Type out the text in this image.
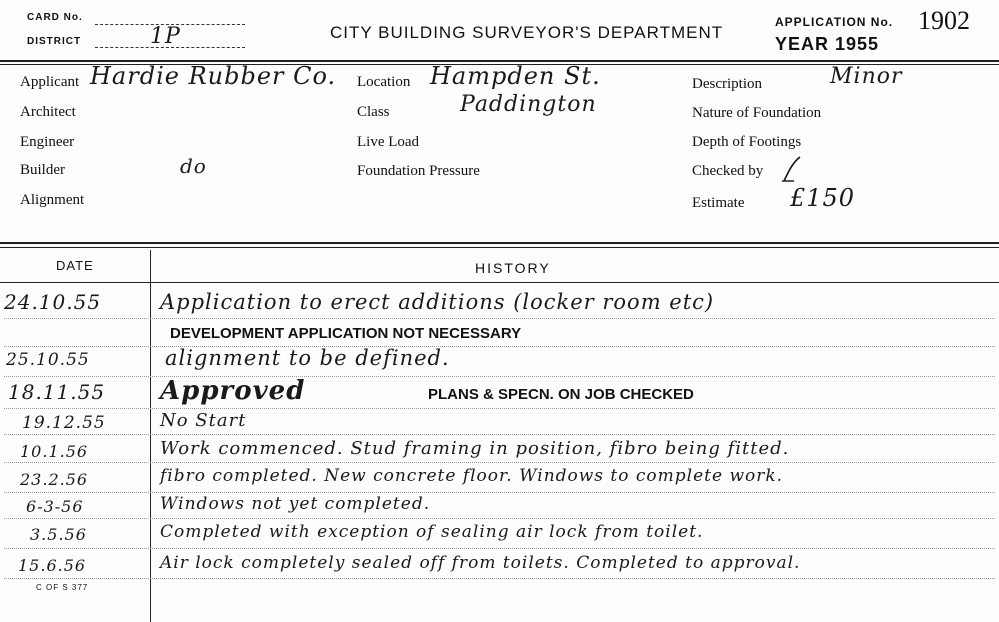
CARD No.
DISTRICT	1P	CITY BUILDING SURVEYOR'S DEPARTMENT
APPLICATION No. 1902
YEAR 1955
Applicant Hardie Rubber Co.
Architect
Engineer
Builder	do
Alignment
Location Hampden St.
Class	Paddington
Live Load
Foundation Pressure
Description	Minor
Nature of Foundation
Depth of Footings
Checked by
Estimate £150
DATE	HISTORY
24.10.55	Application to erect additions (locker room etc)
DEVELOPMENT APPLICATION NOT NECESSARY
25.10.55	alignment to be defined.
18.11.55 Approved	PLANS & SPECN. ON JOB CHECKED
19.12.55	No Start
10.1.56	Work commenced. Stud framing in position, fibro being fitted.
23.2.56	fibro completed. New concrete floor. Windows to complete work.
6-3-56	Windows not yet completed.
3.5.56	Completed with exception of sealing air lock from toilet.
15.6.56	Air lock completely sealed off from toilets. Completed to approval.
C OF S 377
